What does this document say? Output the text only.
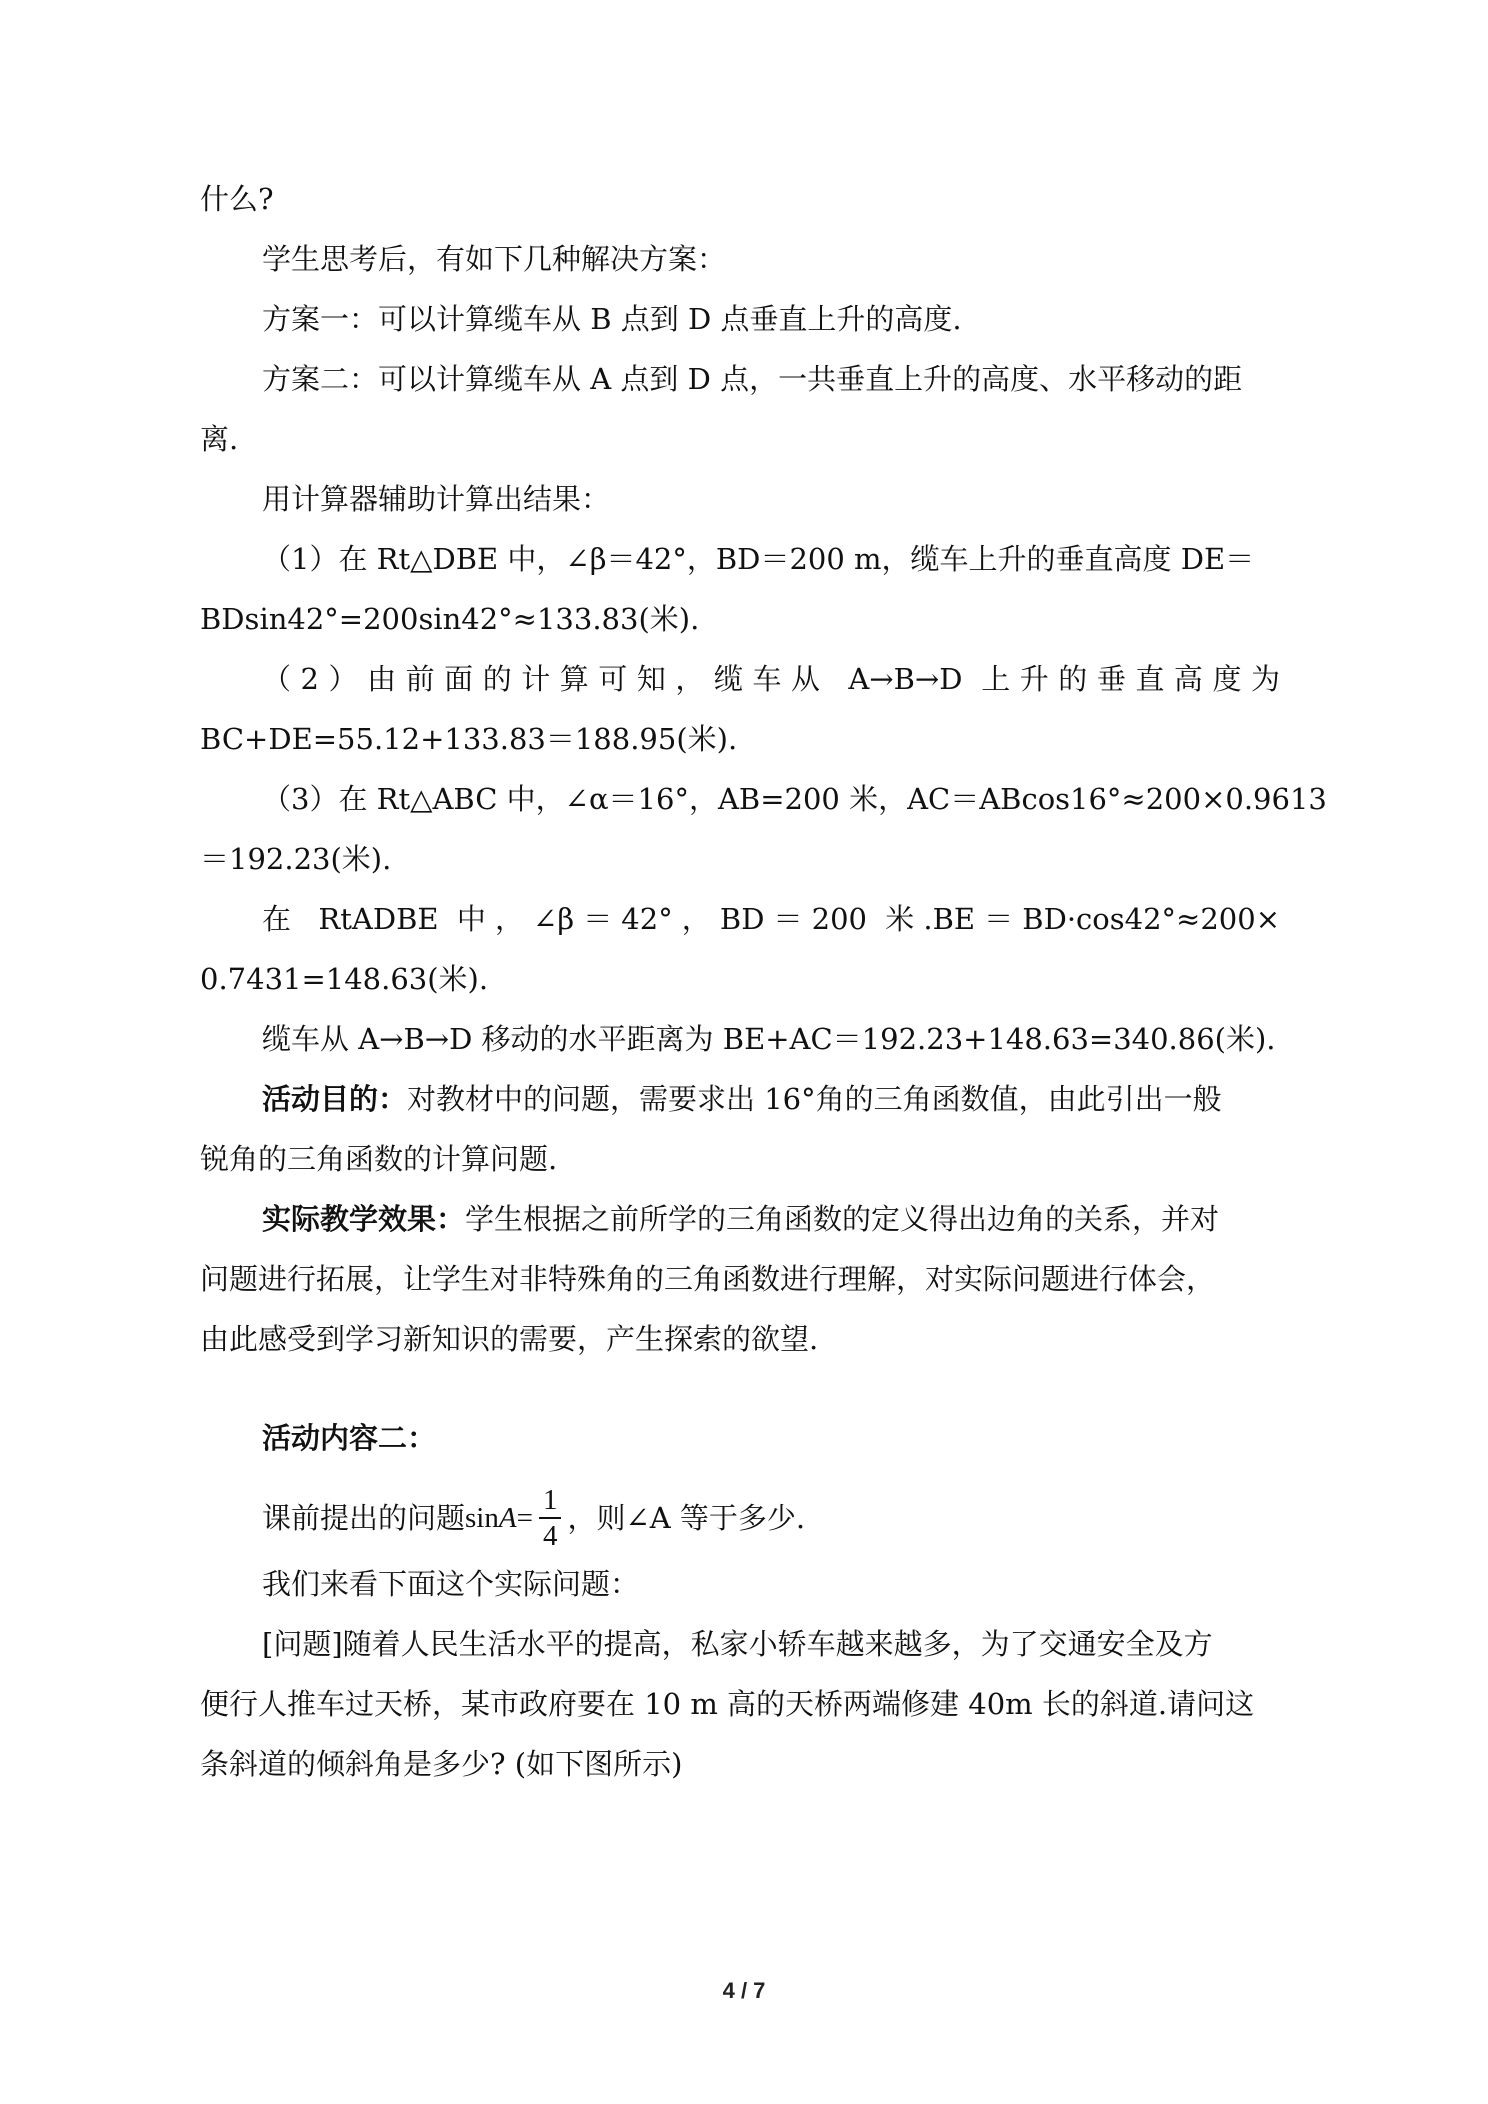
什么?
学生思考后，有如下几种解决方案：
方案一：可以计算缆车从 B 点到 D 点垂直上升的高度.
方案二：可以计算缆车从 A 点到 D 点，一共垂直上升的高度、水平移动的距
离.
用计算器辅助计算出结果：
（1）在 Rt△DBE 中，∠β＝42°，BD＝200 m，缆车上升的垂直高度 DE＝
BDsin42°=200sin42°≈133.83(米).
（2）由前面的计算可知，缆车从 A→B→D 上升的垂直高度为
BC+DE=55.12+133.83＝188.95(米).
（3）在 Rt△ABC 中，∠α＝16°，AB=200 米，AC＝ABcos16°≈200×0.9613
＝192.23(米).
在 RtADBE 中，∠β＝42°，BD＝200 米.BE＝BD·cos42°≈200×
0.7431=148.63(米).
缆车从 A→B→D 移动的水平距离为 BE+AC＝192.23+148.63=340.86(米).
活动目的：对教材中的问题，需要求出 16°角的三角函数值，由此引出一般
锐角的三角函数的计算问题.
实际教学效果：学生根据之前所学的三角函数的定义得出边角的关系，并对
问题进行拓展，让学生对非特殊角的三角函数进行理解，对实际问题进行体会，
由此感受到学习新知识的需要，产生探索的欲望.
活动内容二：
课前提出的问题 $\sin A = \frac{1}{4}$ ，则∠A 等于多少.
我们来看下面这个实际问题：
[问题]随着人民生活水平的提高，私家小轿车越来越多，为了交通安全及方
便行人推车过天桥，某市政府要在 10 m 高的天桥两端修建 40m 长的斜道.请问这
条斜道的倾斜角是多少? (如下图所示)
4 / 7
